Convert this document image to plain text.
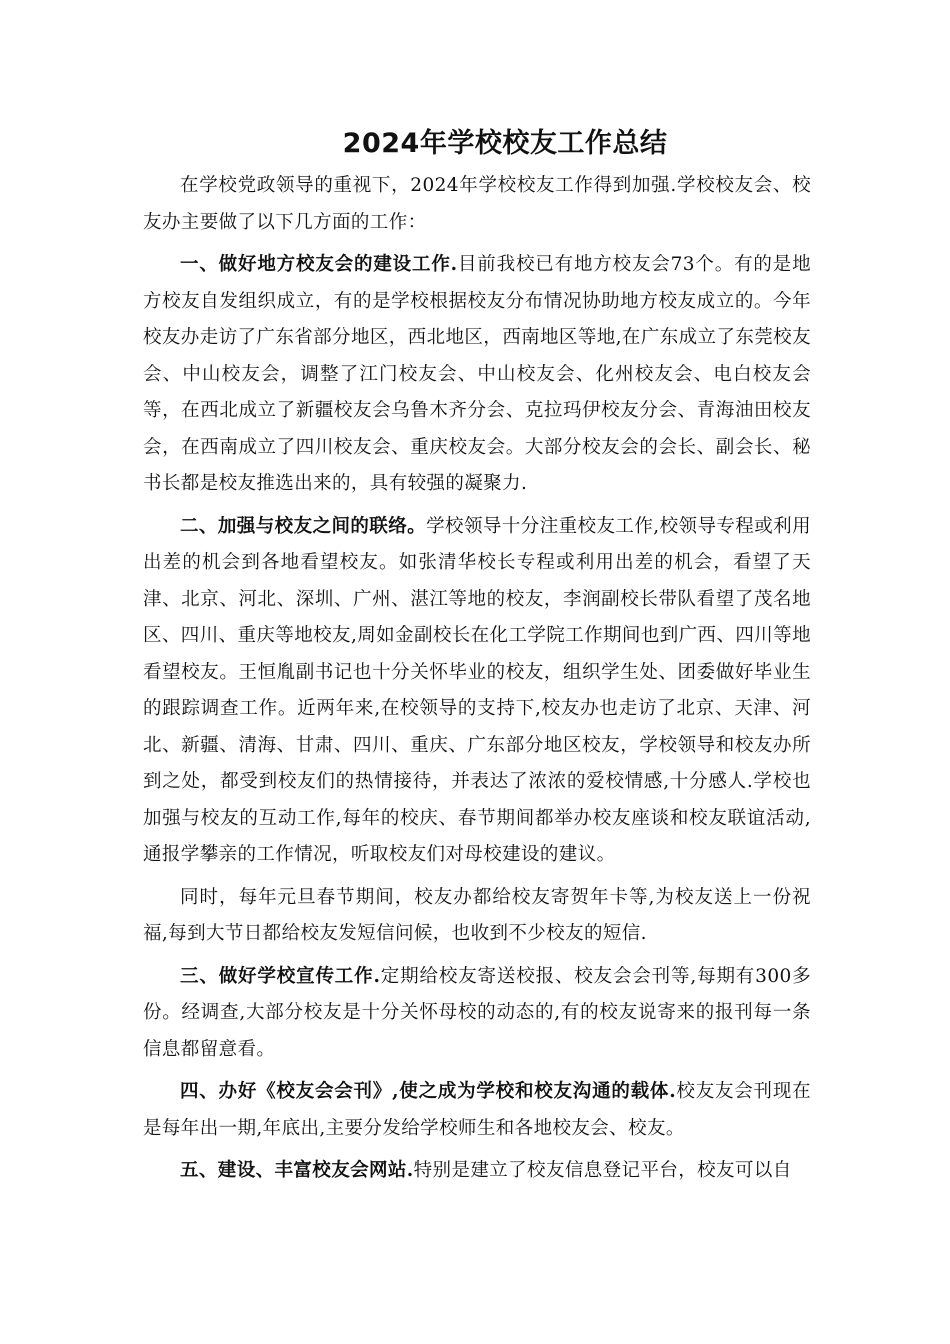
2024年学校校友工作总结

在学校党政领导的重视下，2024年学校校友工作得到加强.学校校友会、校友办主要做了以下几方面的工作：

一、做好地方校友会的建设工作.目前我校已有地方校友会73个。有的是地方校友自发组织成立，有的是学校根据校友分布情况协助地方校友成立的。今年校友办走访了广东省部分地区，西北地区，西南地区等地,在广东成立了东莞校友会、中山校友会，调整了江门校友会、中山校友会、化州校友会、电白校友会等，在西北成立了新疆校友会乌鲁木齐分会、克拉玛伊校友分会、青海油田校友会，在西南成立了四川校友会、重庆校友会。大部分校友会的会长、副会长、秘书长都是校友推选出来的，具有较强的凝聚力.

二、加强与校友之间的联络。学校领导十分注重校友工作,校领导专程或利用出差的机会到各地看望校友。如张清华校长专程或利用出差的机会，看望了天津、北京、河北、深圳、广州、湛江等地的校友，李润副校长带队看望了茂名地区、四川、重庆等地校友,周如金副校长在化工学院工作期间也到广西、四川等地看望校友。王恒胤副书记也十分关怀毕业的校友，组织学生处、团委做好毕业生的跟踪调查工作。近两年来,在校领导的支持下,校友办也走访了北京、天津、河北、新疆、清海、甘肃、四川、重庆、广东部分地区校友，学校领导和校友办所到之处，都受到校友们的热情接待，并表达了浓浓的爱校情感,十分感人.学校也加强与校友的互动工作,每年的校庆、春节期间都举办校友座谈和校友联谊活动,通报学攀亲的工作情况，听取校友们对母校建设的建议。

同时，每年元旦春节期间，校友办都给校友寄贺年卡等,为校友送上一份祝福,每到大节日都给校友发短信问候，也收到不少校友的短信.

三、做好学校宣传工作.定期给校友寄送校报、校友会会刊等,每期有300多份。经调查,大部分校友是十分关怀母校的动态的,有的校友说寄来的报刊每一条信息都留意看。

四、办好《校友会会刊》,使之成为学校和校友沟通的载体.校友友会刊现在是每年出一期,年底出,主要分发给学校师生和各地校友会、校友。

五、建设、丰富校友会网站.特别是建立了校友信息登记平台，校友可以自
